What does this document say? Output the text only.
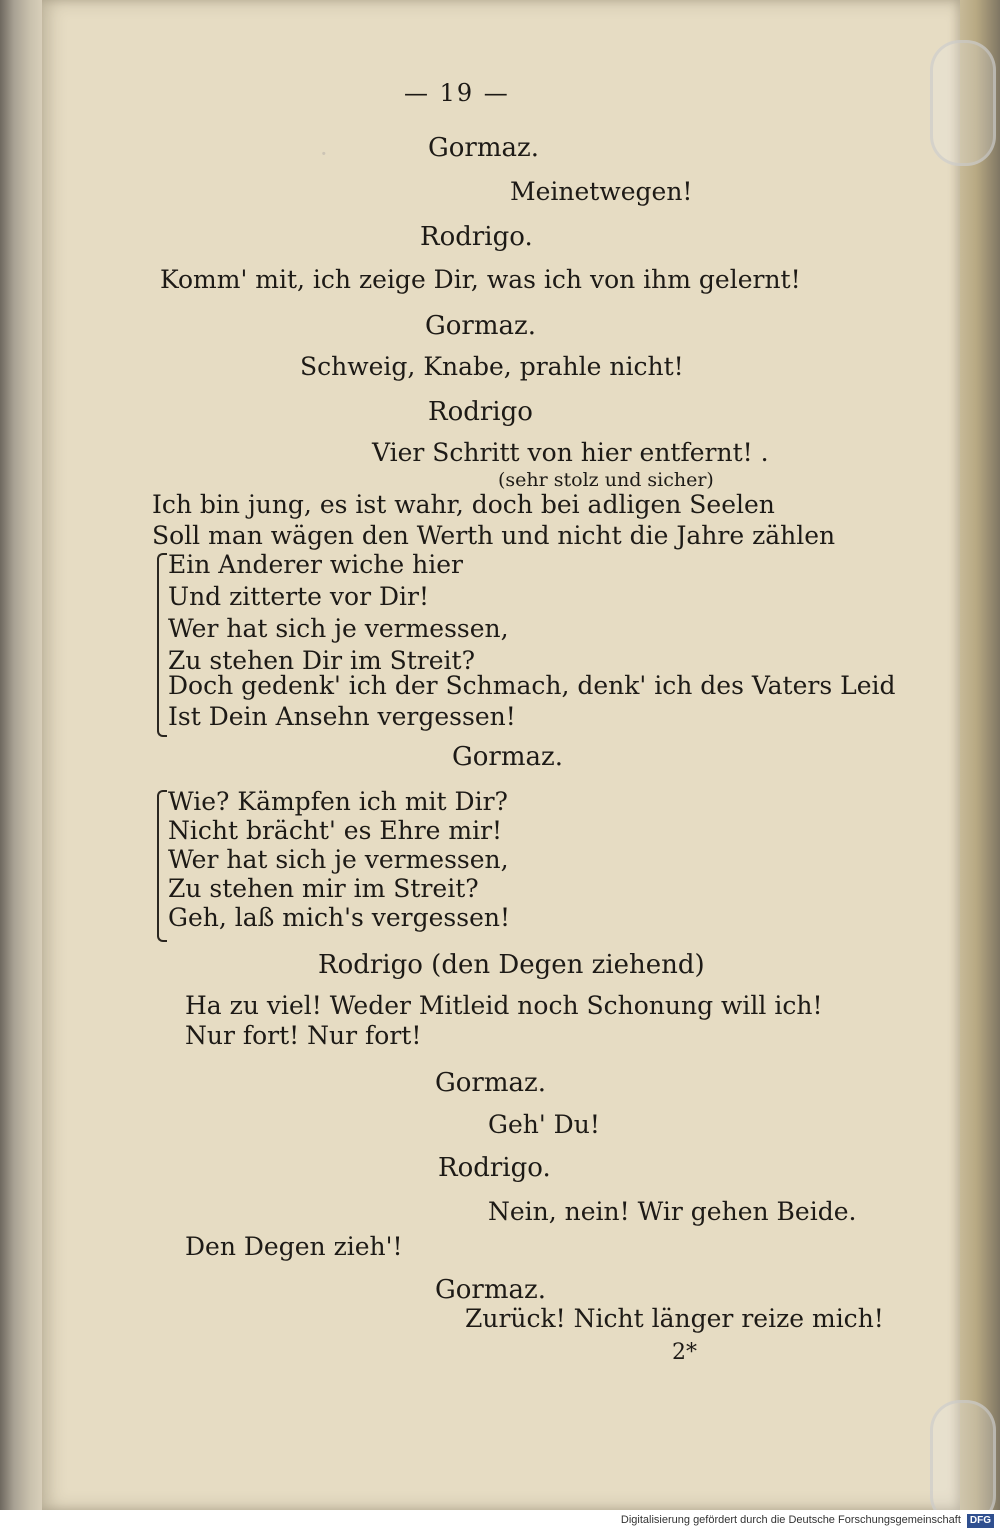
·
— 19 —
Gormaz.
Meinetwegen!
Rodrigo.
Komm' mit, ich zeige Dir, was ich von ihm gelernt!
Gormaz.
Schweig, Knabe, prahle nicht!
Rodrigo
Vier Schritt von hier entfernt! .
(sehr stolz und sicher)
Ich bin jung, es ist wahr, doch bei adligen Seelen
Soll man wägen den Werth und nicht die Jahre zählen
Ein Anderer wiche hier
Und zitterte vor Dir!
Wer hat sich je vermessen,
Zu stehen Dir im Streit?
Doch gedenk' ich der Schmach, denk' ich des Vaters Leid
Ist Dein Ansehn vergessen!
Gormaz.
Wie? Kämpfen ich mit Dir?
Nicht brächt' es Ehre mir!
Wer hat sich je vermessen,
Zu stehen mir im Streit?
Geh, laß mich's vergessen!
Rodrigo (den Degen ziehend)
Ha zu viel! Weder Mitleid noch Schonung will ich!
Nur fort! Nur fort!
Gormaz.
Geh' Du!
Rodrigo.
Nein, nein! Wir gehen Beide.
Den Degen zieh'!
Gormaz.
Zurück! Nicht länger reize mich!
2*
Digitalisierung gefördert durch die Deutsche Forschungsgemeinschaft DFG
